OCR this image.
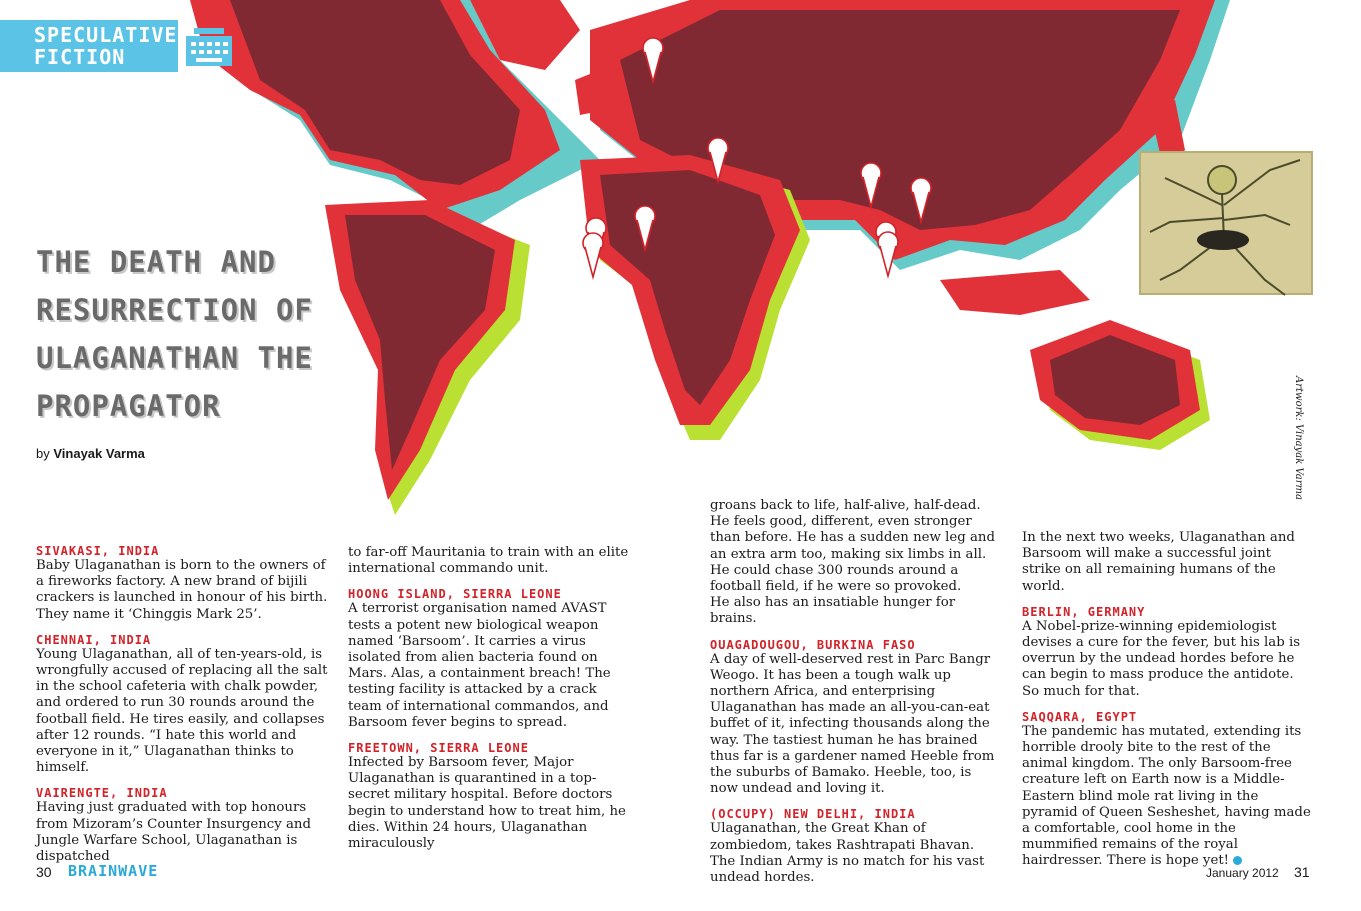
SPECULATIVE
FICTION
THE DEATH AND RESURRECTION OF ULAGANATHAN THE PROPAGATOR
by Vinayak Varma	Artwork: Vinayak Varma

SIVAKASI, INDIA

Baby Ulaganathan is born to the owners of a fireworks factory. A new brand of bijili crackers is launched in honour of his birth. They name it ‘Chinggis Mark 25’.

CHENNAI, INDIA

Young Ulaganathan, all of ten-years-old, is wrongfully accused of replacing all the salt in the school cafeteria with chalk powder, and ordered to run 30 rounds around the football field. He tires easily, and collapses after 12 rounds. “I hate this world and everyone in it,” Ulaganathan thinks to himself.

VAIRENGTE, INDIA

Having just graduated with top honours from Mizoram’s Counter Insurgency and Jungle Warfare School, Ulaganathan is dispatched

to far-off Mauritania to train with an elite international commando unit.

HOONG ISLAND, SIERRA LEONE

A terrorist organisation named AVAST tests a potent new biological weapon named ‘Barsoom’. It carries a virus isolated from alien bacteria found on Mars. Alas, a containment breach! The testing facility is attacked by a crack team of international commandos, and Barsoom fever begins to spread.

FREETOWN, SIERRA LEONE

Infected by Barsoom fever, Major Ulaganathan is quarantined in a top-secret military hospital. Before doctors begin to understand how to treat him, he dies. Within 24 hours, Ulaganathan miraculously

groans back to life, half-alive, half-dead. He feels good, different, even stronger than before. He has a sudden new leg and an extra arm too, making six limbs in all. He could chase 300 rounds around a football field, if he were so provoked.

He also has an insatiable hunger for brains.

OUAGADOUGOU, BURKINA FASO

A day of well-deserved rest in Parc Bangr Weogo. It has been a tough walk up northern Africa, and enterprising Ulaganathan has made an all-you-can-eat buffet of it, infecting thousands along the way. The tastiest human he has brained thus far is a gardener named Heeble from the suburbs of Bamako. Heeble, too, is now undead and loving it.

(OCCUPY) NEW DELHI, INDIA

Ulaganathan, the Great Khan of zombiedom, takes Rashtrapati Bhavan. The Indian Army is no match for his vast undead hordes.

In the next two weeks, Ulaganathan and Barsoom will make a successful joint strike on all remaining humans of the world.

BERLIN, GERMANY

A Nobel-prize-winning epidemiologist devises a cure for the fever, but his lab is overrun by the undead hordes before he can begin to mass produce the antidote. So much for that.

SAQQARA, EGYPT

The pandemic has mutated, extending its horrible drooly bite to the rest of the animal kingdom. The only Barsoom-free creature left on Earth now is a Middle-Eastern blind mole rat living in the pyramid of Queen Sesheshet, having made a comfortable, cool home in the mummified remains of the royal hairdresser. There is hope yet!

30 BRAINWAVE	January 2012 31
